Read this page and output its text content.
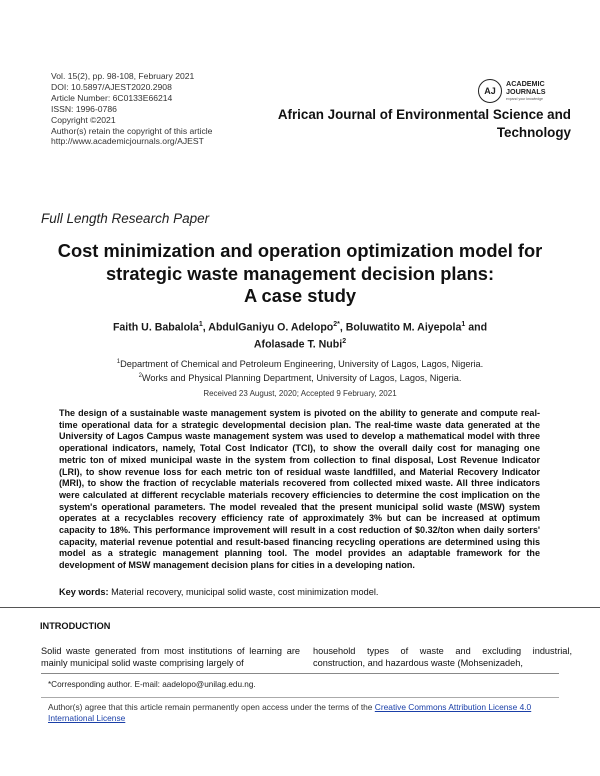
Vol. 15(2), pp. 98-108, February 2021
DOI: 10.5897/AJEST2020.2908
Article Number: 6C0133E66214
ISSN: 1996-0786
Copyright ©2021
Author(s) retain the copyright of this article
http://www.academicjournals.org/AJEST
AJ
ACADEMIC
JOURNALS
expand your knowledge
African Journal of Environmental Science and
Technology
Full Length Research Paper
Cost minimization and operation optimization model for
strategic waste management decision plans:
A case study
Faith U. Babalola$^1$, AbdulGaniyu O. Adelopo$^{2*}$, Boluwatito M. Aiyepola$^1$ and
Afolasade T. Nubi$^2$
$^1$Department of Chemical and Petroleum Engineering, University of Lagos, Lagos, Nigeria.
$^2$Works and Physical Planning Department, University of Lagos, Lagos, Nigeria.
Received 23 August, 2020; Accepted 9 February, 2021
The design of a sustainable waste management system is pivoted on the ability to generate and compute real-time operational data for a strategic developmental decision plan. The real-time waste data generated at the University of Lagos Campus waste management system was used to develop a mathematical model with three operational indicators, namely, Total Cost Indicator (TCI), to show the overall daily cost for managing one metric ton of mixed municipal waste in the system from collection to final disposal, Lost Revenue Indicator (LRI), to show revenue loss for each metric ton of residual waste landfilled, and Material Recovery Indicator (MRI), to show the fraction of recyclable materials recovered from collected mixed waste. All three indicators were calculated at different recyclable materials recovery efficiencies to determine the cost implication on the system's operational parameters. The model revealed that the present municipal solid waste (MSW) system operates at a recyclables recovery efficiency rate of approximately 3% but can be increased at optimum capacity to 18%. This performance improvement will result in a cost reduction of $0.32/ton when daily sorters' capacity, material revenue potential and result-based financing recycling operations are determined using this model as a strategic management planning tool. The model provides an adaptable framework for the development of MSW management decision plans for cities in a developing nation.
Key words: Material recovery, municipal solid waste, cost minimization model.
INTRODUCTION
Solid waste generated from most institutions of learning are mainly municipal solid waste comprising largely of
household types of waste and excluding industrial, construction, and hazardous waste (Mohsenizadeh,
*Corresponding author. E-mail: aadelopo@unilag.edu.ng.
Author(s) agree that this article remain permanently open access under the terms of the Creative Commons Attribution License 4.0 International License
